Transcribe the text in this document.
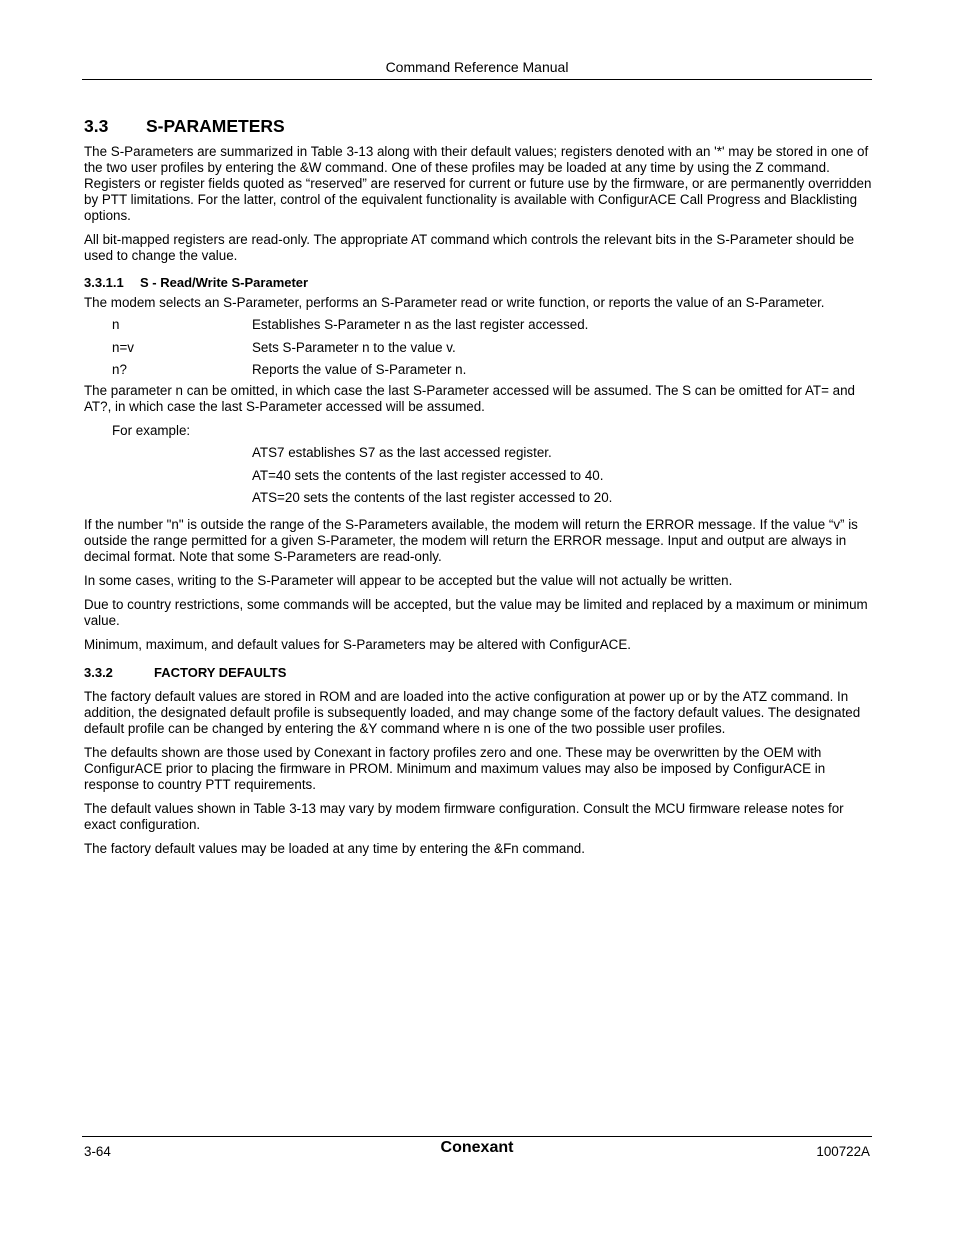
Command Reference Manual
3.3 S-PARAMETERS

The S-Parameters are summarized in Table 3-13 along with their default values; registers denoted with an '*' may be stored in one of the two user profiles by entering the &W command. One of these profiles may be loaded at any time by using the Z command. Registers or register fields quoted as “reserved” are reserved for current or future use by the firmware, or are permanently overridden by PTT limitations. For the latter, control of the equivalent functionality is available with ConfigurACE Call Progress and Blacklisting options.

All bit-mapped registers are read-only. The appropriate AT command which controls the relevant bits in the S-Parameter should be used to change the value.

3.3.1.1 S - Read/Write S-Parameter

The modem selects an S-Parameter, performs an S-Parameter read or write function, or reports the value of an S-Parameter.

n	Establishes S-Parameter n as the last register accessed.
n=v	Sets S-Parameter n to the value v.
n?	Reports the value of S-Parameter n.

The parameter n can be omitted, in which case the last S-Parameter accessed will be assumed. The S can be omitted for AT= and AT?, in which case the last S-Parameter accessed will be assumed.

For example:
ATS7 establishes S7 as the last accessed register.
AT=40 sets the contents of the last register accessed to 40.
ATS=20 sets the contents of the last register accessed to 20.

If the number "n" is outside the range of the S-Parameters available, the modem will return the ERROR message. If the value “v” is outside the range permitted for a given S-Parameter, the modem will return the ERROR message. Input and output are always in decimal format. Note that some S-Parameters are read-only.

In some cases, writing to the S-Parameter will appear to be accepted but the value will not actually be written.

Due to country restrictions, some commands will be accepted, but the value may be limited and replaced by a maximum or minimum value.

Minimum, maximum, and default values for S-Parameters may be altered with ConfigurACE.

3.3.2	FACTORY DEFAULTS

The factory default values are stored in ROM and are loaded into the active configuration at power up or by the ATZ command. In addition, the designated default profile is subsequently loaded, and may change some of the factory default values. The designated default profile can be changed by entering the &Y command where n is one of the two possible user profiles.

The defaults shown are those used by Conexant in factory profiles zero and one. These may be overwritten by the OEM with ConfigurACE prior to placing the firmware in PROM. Minimum and maximum values may also be imposed by ConfigurACE in response to country PTT requirements.

The default values shown in Table 3-13 may vary by modem firmware configuration. Consult the MCU firmware release notes for exact configuration.

The factory default values may be loaded at any time by entering the &Fn command.

3-64	Conexant	100722A
